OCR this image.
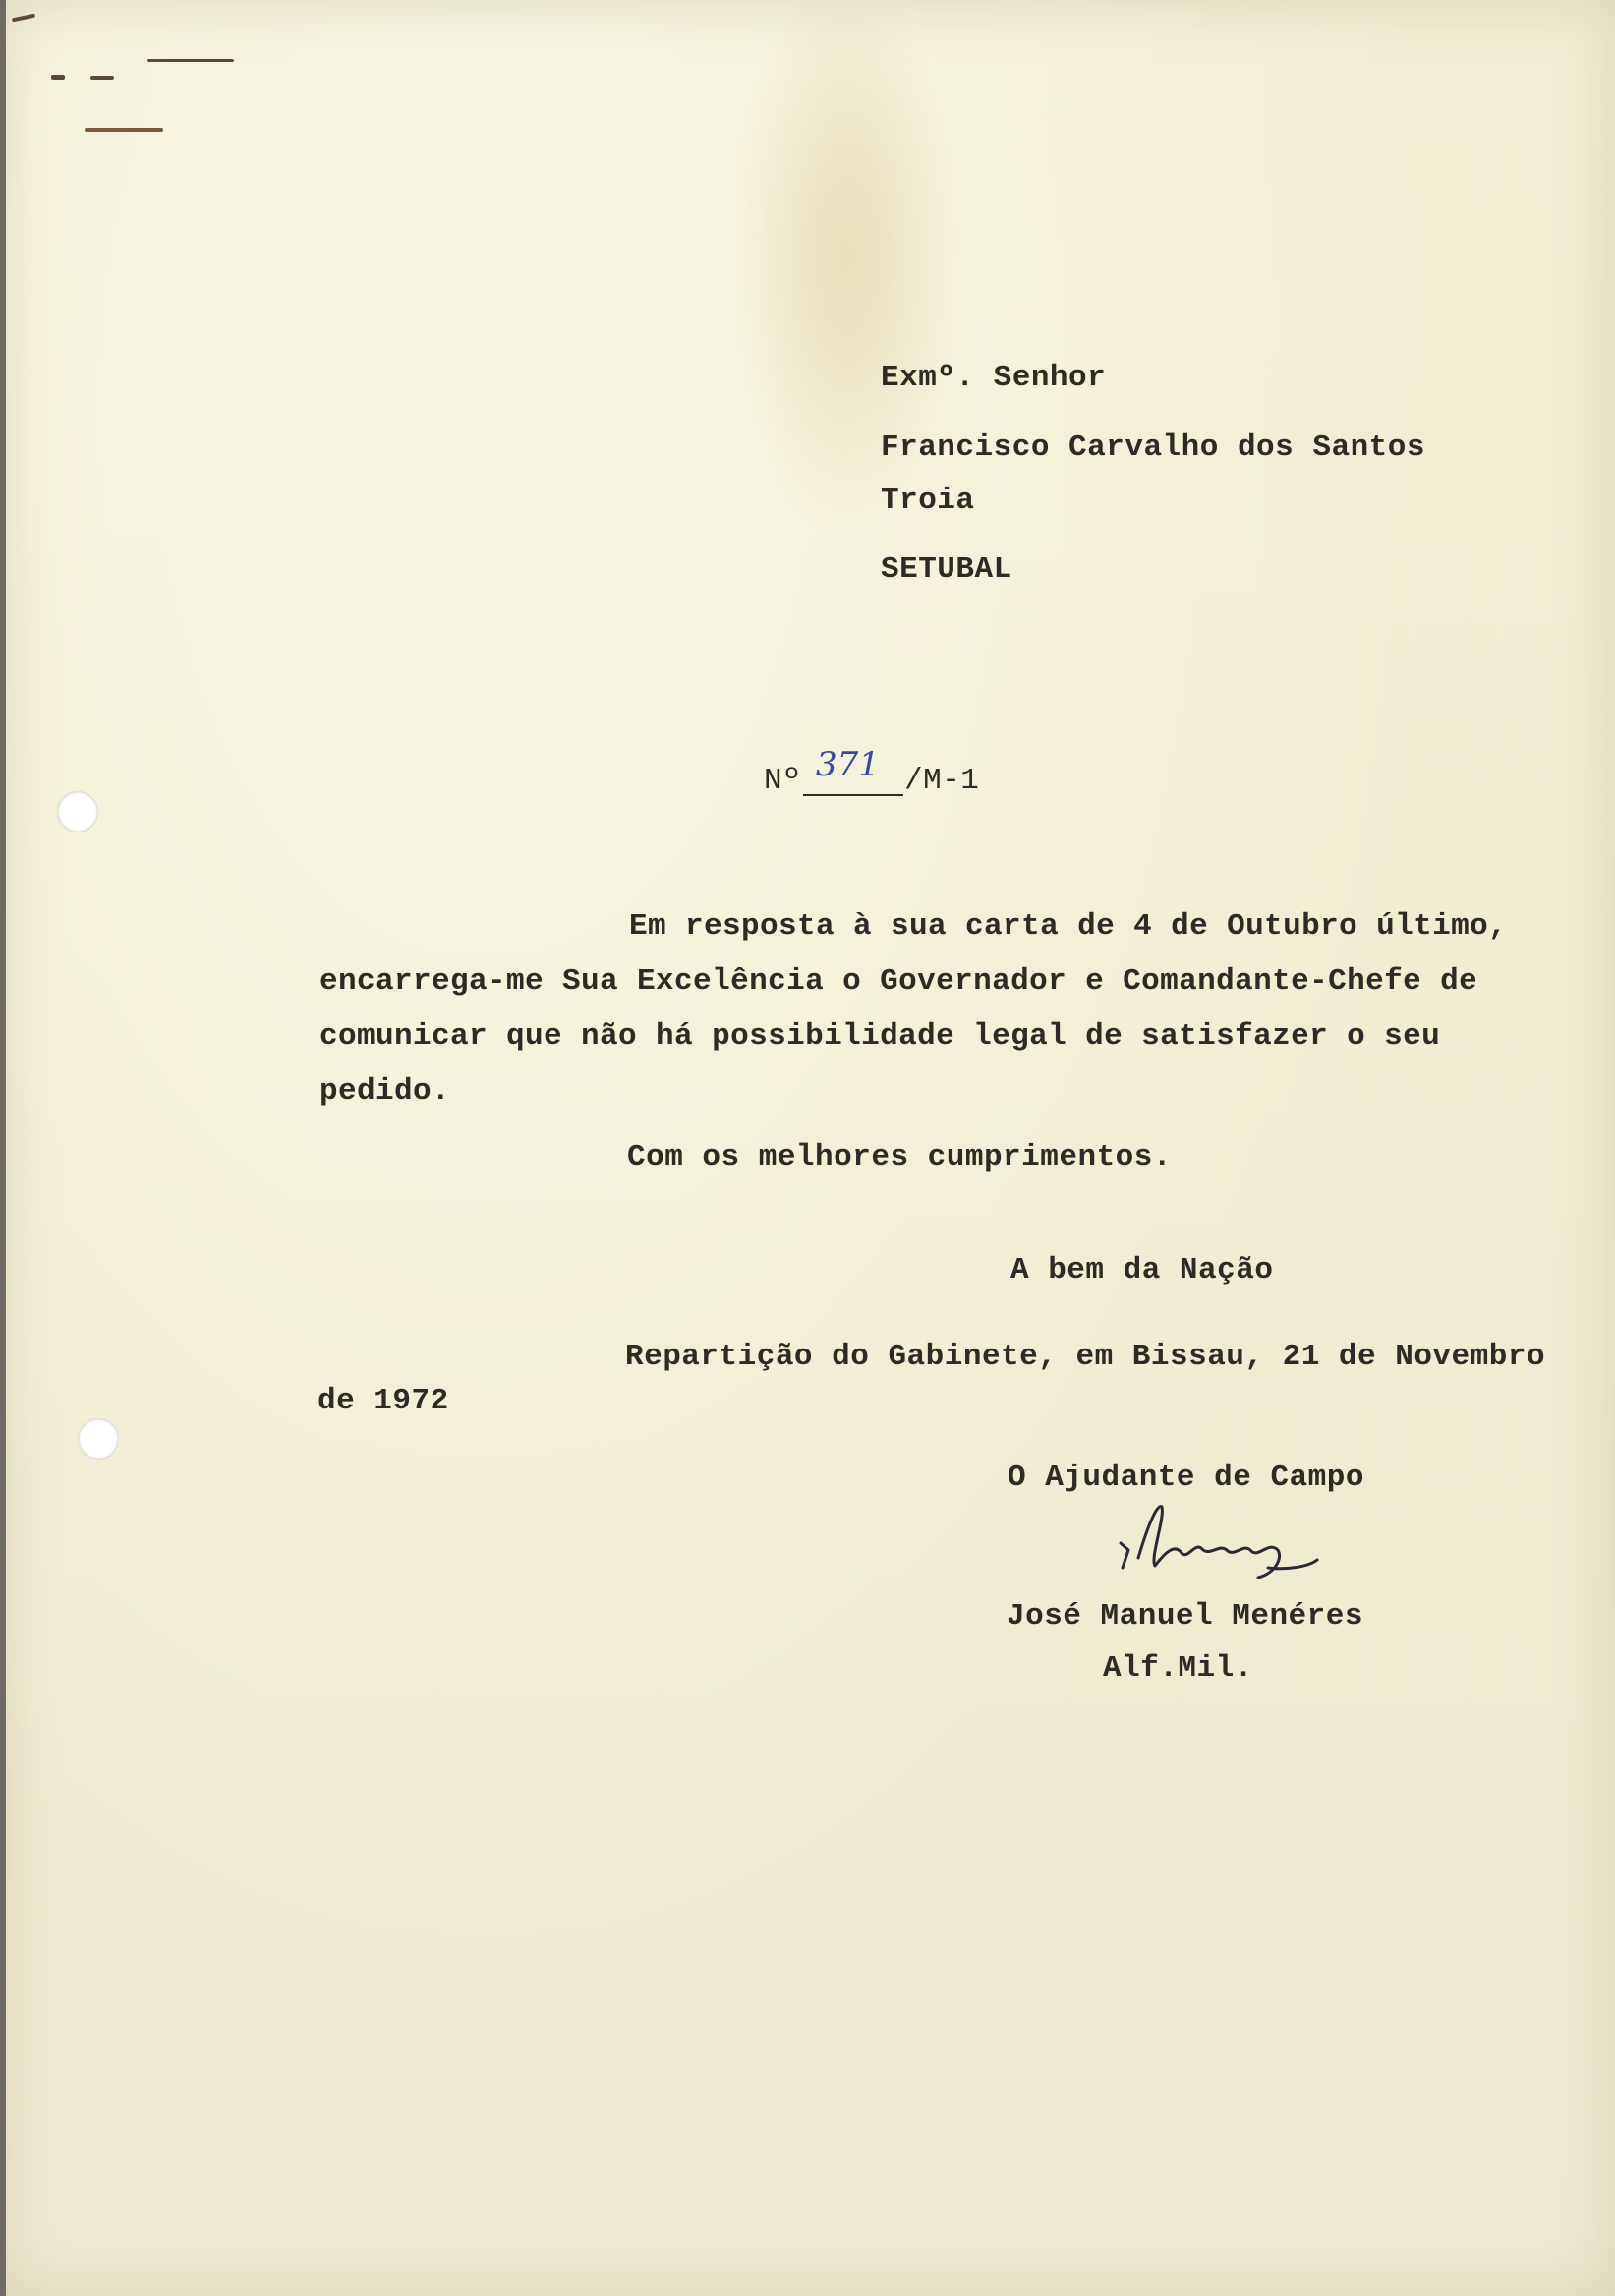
Exmº. Senhor
Francisco Carvalho dos Santos
Troia
SETUBAL
Nº 371 /M-1
Em resposta à sua carta de 4 de Outubro último,
encarrega-me Sua Excelência o Governador e Comandante-Chefe de
comunicar que não há possibilidade legal de satisfazer o seu
pedido.
Com os melhores cumprimentos.
A bem da Nação
Repartição do Gabinete, em Bissau, 21 de Novembro
de 1972
O Ajudante de Campo
José Manuel Menéres
Alf.Mil.
